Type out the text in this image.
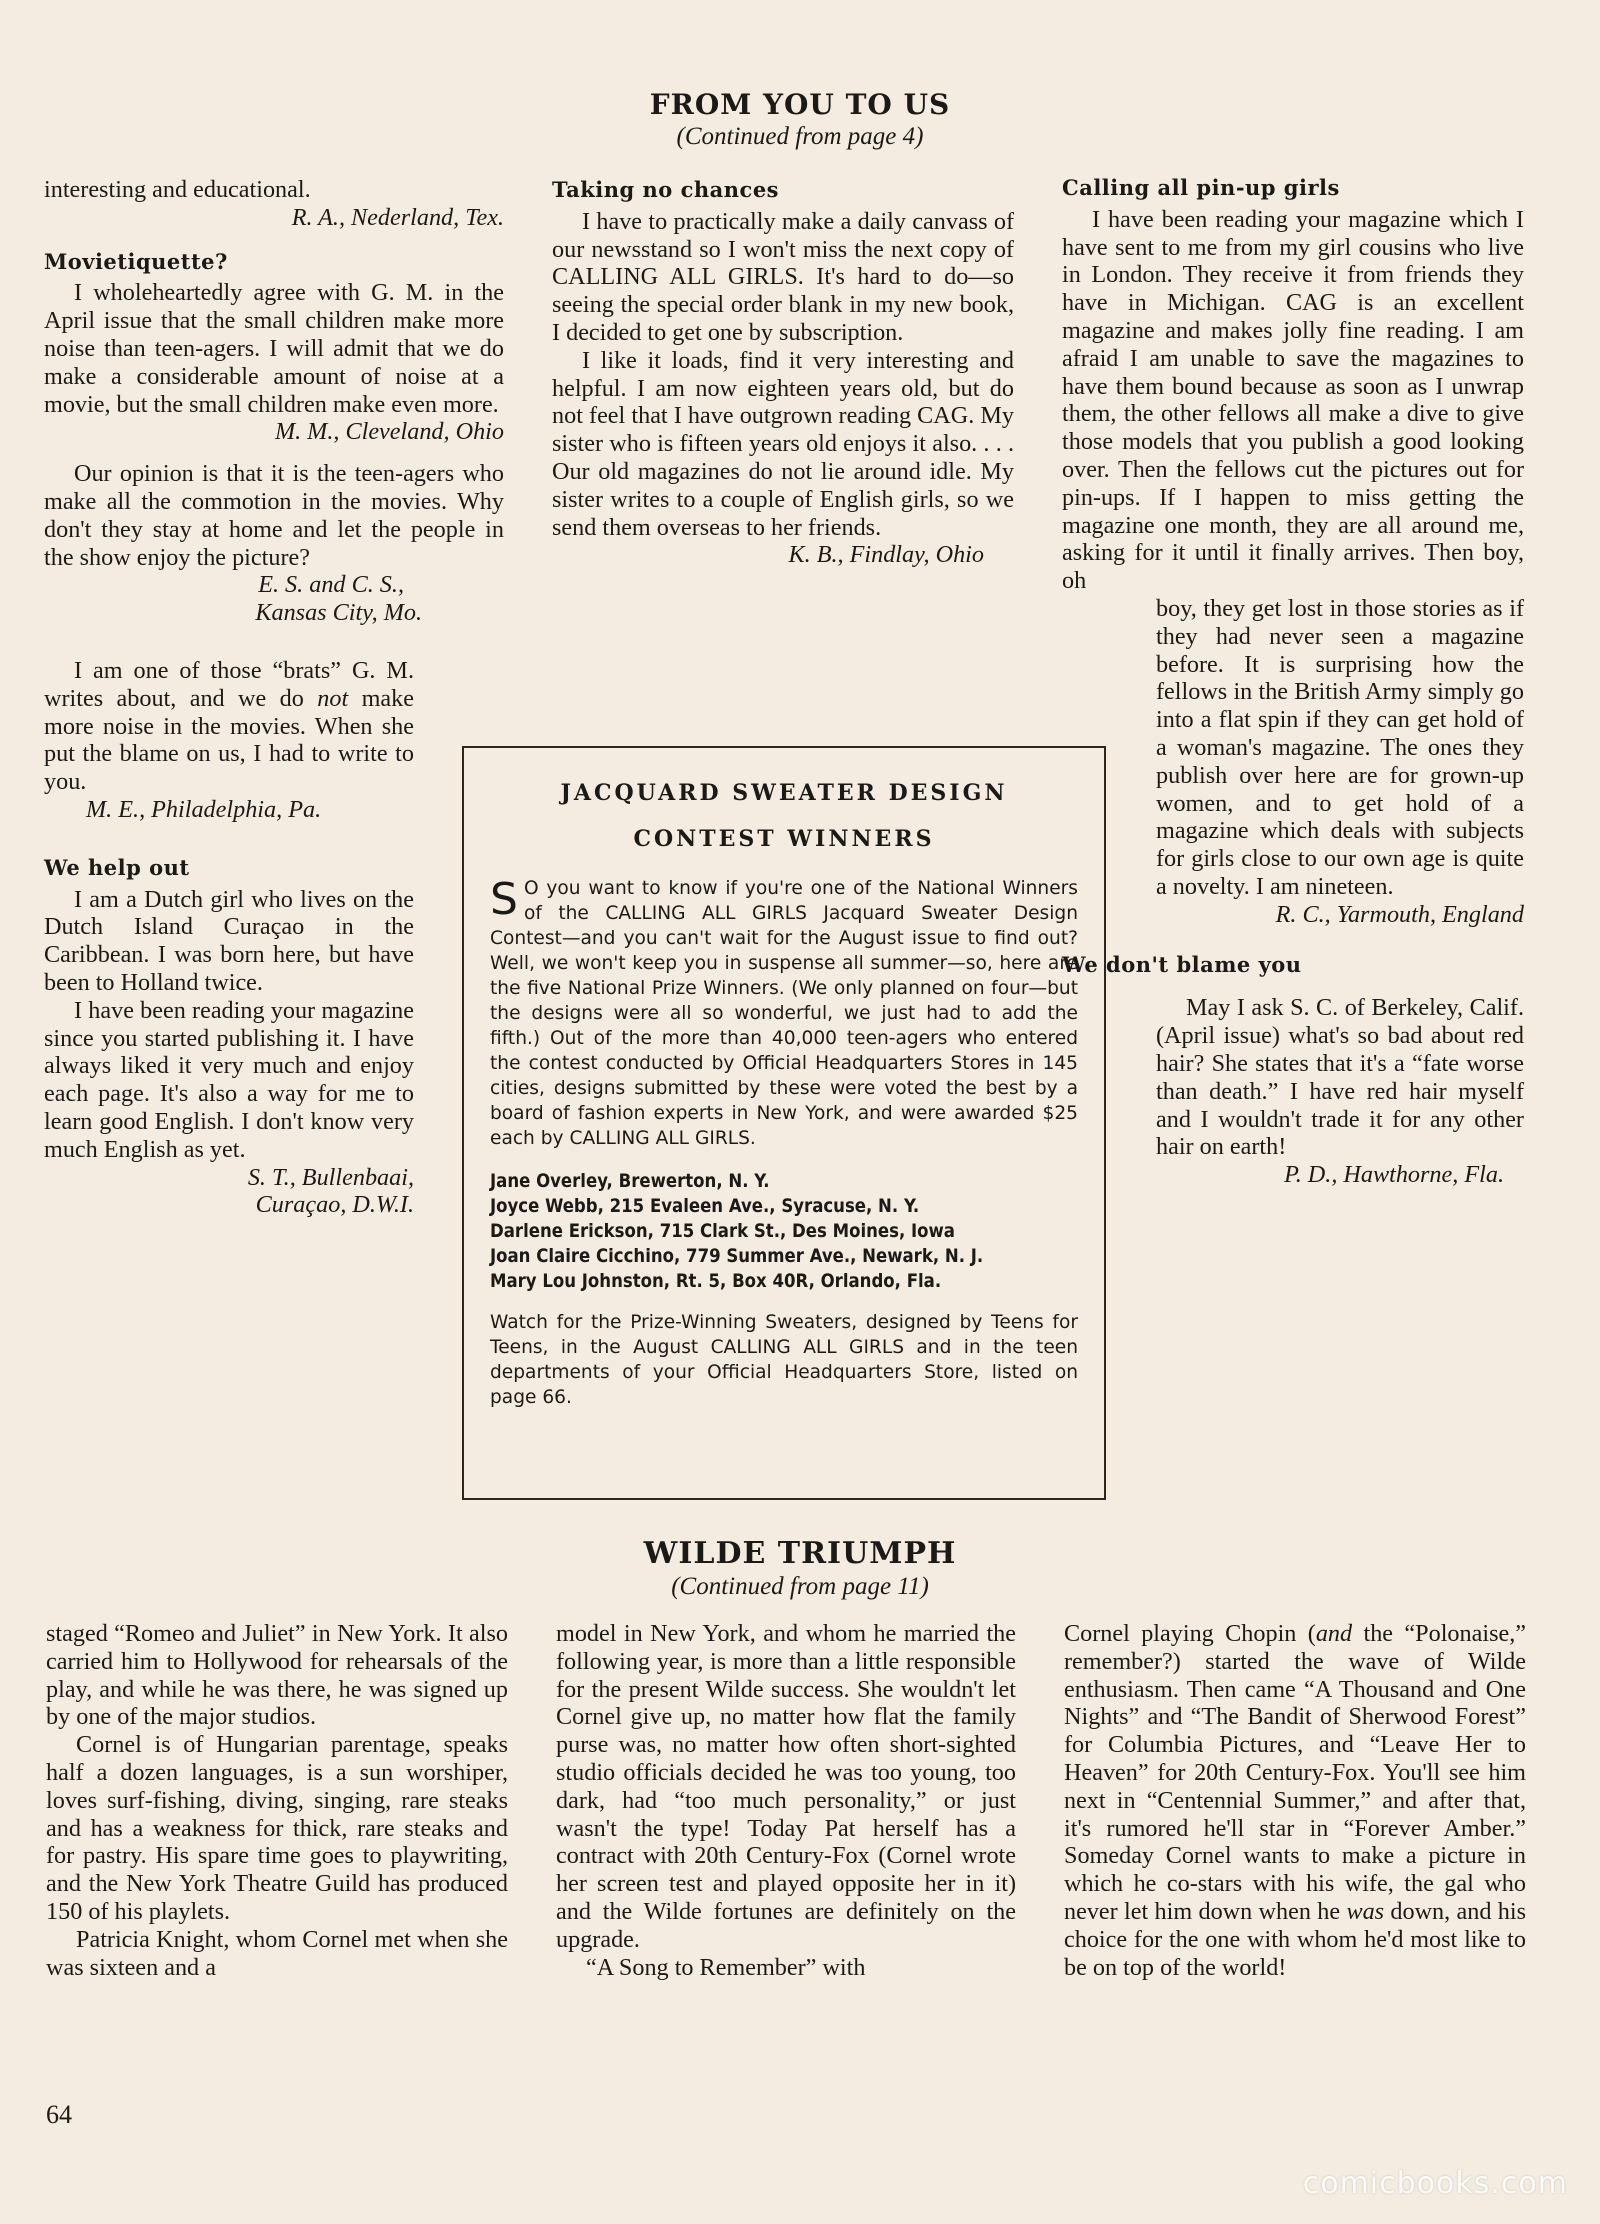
FROM YOU TO US
(Continued from page 4)

interesting and educational.

R. A., Nederland, Tex.

Movietiquette?

I wholeheartedly agree with G. M. in the April issue that the small children make more noise than teen-agers. I will admit that we do make a considerable amount of noise at a movie, but the small children make even more.

M. M., Cleveland, Ohio

Our opinion is that it is the teen-agers who make all the commotion in the movies. Why don't they stay at home and let the people in the show enjoy the picture?

E. S. and C. S.,

Kansas City, Mo.

I am one of those “brats” G. M. writes about, and we do not make more noise in the movies. When she put the blame on us, I had to write to you.

M. E., Philadelphia, Pa.

We help out

I am a Dutch girl who lives on the Dutch Island Curaçao in the Caribbean. I was born here, but have been to Holland twice.

I have been reading your magazine since you started publishing it. I have always liked it very much and enjoy each page. It's also a way for me to learn good English. I don't know very much English as yet.

S. T., Bullenbaai,

Curaçao, D.W.I.

Taking no chances

I have to practically make a daily canvass of our newsstand so I won't miss the next copy of CALLING ALL GIRLS. It's hard to do—so seeing the special order blank in my new book, I decided to get one by subscription.

I like it loads, find it very interesting and helpful. I am now eighteen years old, but do not feel that I have outgrown reading CAG. My sister who is fifteen years old enjoys it also. . . . Our old magazines do not lie around idle. My sister writes to a couple of English girls, so we send them overseas to her friends.

K. B., Findlay, Ohio

Calling all pin-up girls

I have been reading your magazine which I have sent to me from my girl cousins who live in London. They receive it from friends they have in Michigan. CAG is an excellent magazine and makes jolly fine reading. I am afraid I am unable to save the magazines to have them bound because as soon as I unwrap them, the other fellows all make a dive to give those models that you publish a good looking over. Then the fellows cut the pictures out for pin-ups. If I happen to miss getting the magazine one month, they are all around me, asking for it until it finally arrives. Then boy, oh

boy, they get lost in those stories as if they had never seen a magazine before. It is surprising how the fellows in the British Army simply go into a flat spin if they can get hold of a woman's magazine. The ones they publish over here are for grown-up women, and to get hold of a magazine which deals with subjects for girls close to our own age is quite a novelty. I am nineteen.

R. C., Yarmouth, England

We don't blame you

May I ask S. C. of Berkeley, Calif. (April issue) what's so bad about red hair? She states that it's a “fate worse than death.” I have red hair myself and I wouldn't trade it for any other hair on earth!

P. D., Hawthorne, Fla.

JACQUARD SWEATER DESIGN
CONTEST WINNERS
S O you want to know if you're one of the National Winners of the CALLING ALL GIRLS Jacquard Sweater Design Contest—and you can't wait for the August issue to find out? Well, we won't keep you in suspense all summer—so, here are the five National Prize Winners. (We only planned on four—but the designs were all so wonderful, we just had to add the fifth.) Out of the more than 40,000 teen-agers who entered the contest conducted by Official Headquarters Stores in 145 cities, designs submitted by these were voted the best by a board of fashion experts in New York, and were awarded $25 each by CALLING ALL GIRLS.
Jane Overley, Brewerton, N. Y.
Joyce Webb, 215 Evaleen Ave., Syracuse, N. Y.
Darlene Erickson, 715 Clark St., Des Moines, Iowa
Joan Claire Cicchino, 779 Summer Ave., Newark, N. J.
Mary Lou Johnston, Rt. 5, Box 40R, Orlando, Fla.
Watch for the Prize-Winning Sweaters, designed by Teens for Teens, in the August CALLING ALL GIRLS and in the teen departments of your Official Headquarters Store, listed on page 66.
WILDE TRIUMPH
(Continued from page 11)

staged “Romeo and Juliet” in New York. It also carried him to Hollywood for rehearsals of the play, and while he was there, he was signed up by one of the major studios.

Cornel is of Hungarian parentage, speaks half a dozen languages, is a sun worshiper, loves surf-fishing, diving, singing, rare steaks and has a weakness for thick, rare steaks and for pastry. His spare time goes to playwriting, and the New York Theatre Guild has produced 150 of his playlets.

Patricia Knight, whom Cornel met when she was sixteen and a

model in New York, and whom he married the following year, is more than a little responsible for the present Wilde success. She wouldn't let Cornel give up, no matter how flat the family purse was, no matter how often short-sighted studio officials decided he was too young, too dark, had “too much personality,” or just wasn't the type! Today Pat herself has a contract with 20th Century-Fox (Cornel wrote her screen test and played opposite her in it) and the Wilde fortunes are definitely on the upgrade.

“A Song to Remember” with

Cornel playing Chopin (and the “Polonaise,” remember?) started the wave of Wilde enthusiasm. Then came “A Thousand and One Nights” and “The Bandit of Sherwood Forest” for Columbia Pictures, and “Leave Her to Heaven” for 20th Century-Fox. You'll see him next in “Centennial Summer,” and after that, it's rumored he'll star in “Forever Amber.” Someday Cornel wants to make a picture in which he co-stars with his wife, the gal who never let him down when he was down, and his choice for the one with whom he'd most like to be on top of the world!

64
comicbooks.com
